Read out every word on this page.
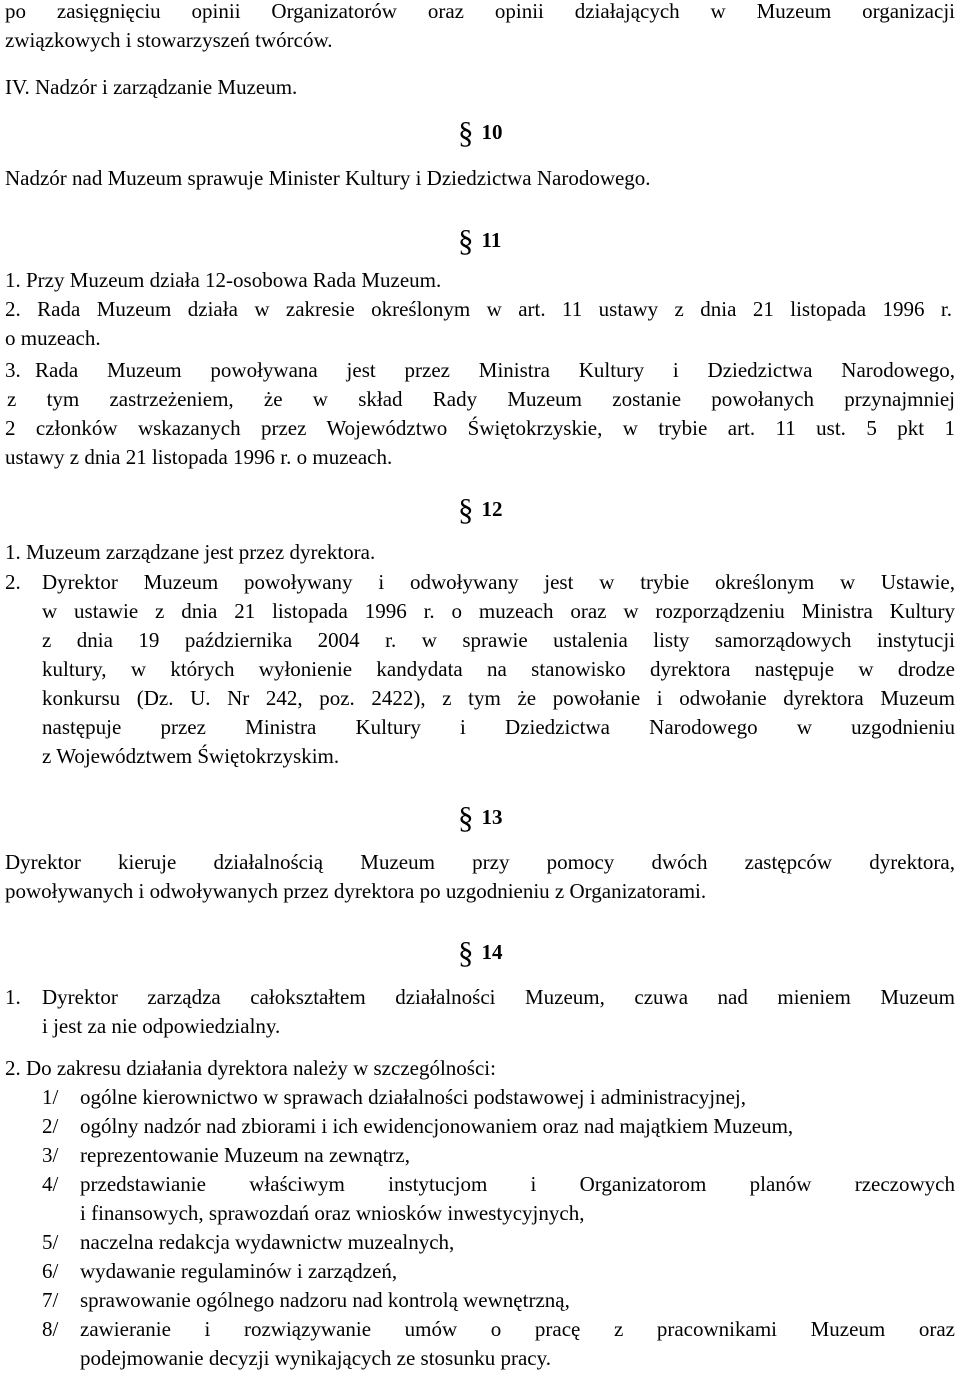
po zasięgnięciu opinii Organizatorów oraz opinii działających w Muzeum organizacji
związkowych i stowarzyszeń twórców.
IV. Nadzór i zarządzanie Muzeum.
§ 10
Nadzór nad Muzeum sprawuje Minister Kultury i Dziedzictwa Narodowego.
§ 11
1. Przy Muzeum działa 12-osobowa Rada Muzeum.
2. Rada Muzeum działa w zakresie określonym w art. 11 ustawy z dnia 21 listopada 1996 r.
o muzeach.
3. Rada Muzeum powoływana jest przez Ministra Kultury i Dziedzictwa Narodowego,
z tym zastrzeżeniem, że w skład Rady Muzeum zostanie powołanych przynajmniej
2 członków wskazanych przez Województwo Świętokrzyskie, w trybie art. 11 ust. 5 pkt 1
ustawy z dnia 21 listopada 1996 r. o muzeach.
§ 12
1. Muzeum zarządzane jest przez dyrektora.
2. Dyrektor Muzeum powoływany i odwoływany jest w trybie określonym w Ustawie,
w ustawie z dnia 21 listopada 1996 r. o muzeach oraz w rozporządzeniu Ministra Kultury
z dnia 19 października 2004 r. w sprawie ustalenia listy samorządowych instytucji
kultury, w których wyłonienie kandydata na stanowisko dyrektora następuje w drodze
konkursu (Dz. U. Nr 242, poz. 2422), z tym że powołanie i odwołanie dyrektora Muzeum
następuje przez Ministra Kultury i Dziedzictwa Narodowego w uzgodnieniu
z Województwem Świętokrzyskim.
§ 13
Dyrektor kieruje działalnością Muzeum przy pomocy dwóch zastępców dyrektora,
powoływanych i odwoływanych przez dyrektora po uzgodnieniu z Organizatorami.
§ 14
1. Dyrektor zarządza całokształtem działalności Muzeum, czuwa nad mieniem Muzeum
i jest za nie odpowiedzialny.
2. Do zakresu działania dyrektora należy w szczególności:
1/ ogólne kierownictwo w sprawach działalności podstawowej i administracyjnej,
2/ ogólny nadzór nad zbiorami i ich ewidencjonowaniem oraz nad majątkiem Muzeum,
3/ reprezentowanie Muzeum na zewnątrz,
4/ przedstawianie właściwym instytucjom i Organizatorom planów rzeczowych
i finansowych, sprawozdań oraz wniosków inwestycyjnych,
5/ naczelna redakcja wydawnictw muzealnych,
6/ wydawanie regulaminów i zarządzeń,
7/ sprawowanie ogólnego nadzoru nad kontrolą wewnętrzną,
8/ zawieranie i rozwiązywanie umów o pracę z pracownikami Muzeum oraz
podejmowanie decyzji wynikających ze stosunku pracy.
